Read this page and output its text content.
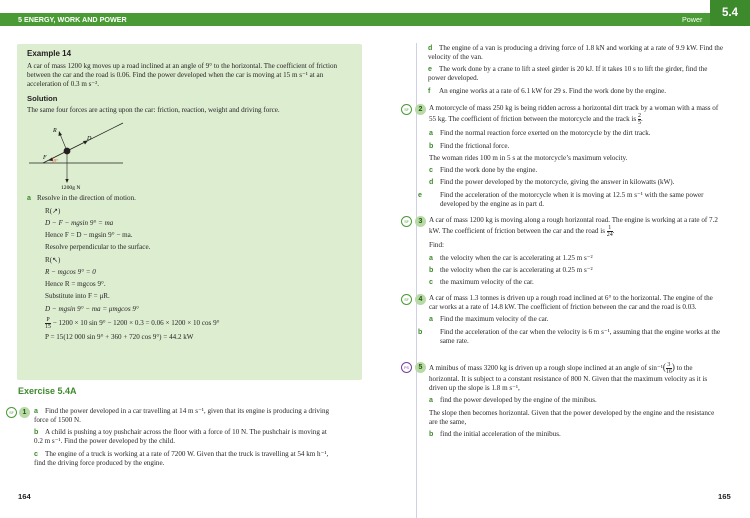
5 ENERGY, WORK AND POWER	Power
5.4
Example 14

A car of mass 1200 kg moves up a road inclined at an angle of 9° to the horizontal. The coefficient of friction between the car and the road is 0.06. Find the power developed when the car is moving at 15 m s⁻¹ at an acceleration of 0.3 m s⁻².

Solution

The same four forces are acting upon the car: friction, reaction, weight and driving force.

R
D
F 9°
1200g N
a Resolve in the direction of motion.
R(↗)
D − F − mgsin 9° = ma
Hence F = D − mgsin 9° − ma.
Resolve perpendicular to the surface.
R(↖)
R − mgcos 9° = 0
Hence R = mgcos 9°.
Substitute into F = μR.
D − mgsin 9° − ma = μmgcos 9°
$\frac{P}{15} - 1200 \times 10$ sin 9° − 1200 × 0.3 = 0.06 × 1200 × 10 cos 9°
P = 15(12 000 sin 9° + 360 + 720 cos 9°) = 44.2 kW
Exercise 5.4A
SF	1	a Find the power developed in a car travelling at 14 m s⁻¹, given that its engine is producing a driving force of 1500 N.
b A child is pushing a toy pushchair across the floor with a force of 10 N. The pushchair is moving at 0.2 m s⁻¹. Find the power developed by the child.
c The engine of a truck is working at a rate of 7200 W. Given that the truck is travelling at 54 km h⁻¹, find the driving force produced by the engine.
d The engine of a van is producing a driving force of 1.8 kN and working at a rate of 9.9 kW. Find the velocity of the van.
e The work done by a crane to lift a steel girder is 20 kJ. If it takes 10 s to lift the girder, find the power developed.
f An engine works at a rate of 6.1 kW for 29 s. Find the work done by the engine.
SF	2 A motorcycle of mass 250 kg is being ridden across a horizontal dirt track by a woman with a mass of 55 kg. The coefficient of friction between the motorcycle and the track is $\frac{2}{5}$ .
a Find the normal reaction force exerted on the motorcycle by the dirt track.
b Find the frictional force.
The woman rides 100 m in 5 s at the motorcycle’s maximum velocity.
c Find the work done by the engine.
d Find the power developed by the motorcycle, giving the answer in kilowatts (kW).
e	Find the acceleration of the motorcycle when it is moving at 12.5 m s⁻¹ with the same power developed by the engine as in part d.
SF	3 A car of mass 1200 kg is moving along a rough horizontal road. The engine is working at a rate of 7.2 kW. The coefficient of friction between the car and the road is $\frac{1}{24}$ .
Find:
a the velocity when the car is accelerating at 1.25 m s⁻²
b the velocity when the car is accelerating at 0.25 m s⁻²
c the maximum velocity of the car.
SF	4 A car of mass 1.3 tonnes is driven up a rough road inclined at 6° to the horizontal. The engine of the car works at a rate of 14.8 kW. The coefficient of friction between the car and the road is 0.03.
a Find the maximum velocity of the car.
b Find the acceleration of the car when the velocity is 6 m s⁻¹, assuming that the engine works at the same rate.
PS	5 A minibus of mass 3200 kg is driven up a rough slope inclined at an angle of $\sin^{-1}( \frac{3}{16}$ ) to the horizontal. It is subject to a constant resistance of 800 N. Given that the maximum velocity as it is driven up the slope is 1.8 m s⁻¹,
a find the power developed by the engine of the minibus.
The slope then becomes horizontal. Given that the power developed by the engine and the resistance are the same,
b find the initial acceleration of the minibus.
164	165
